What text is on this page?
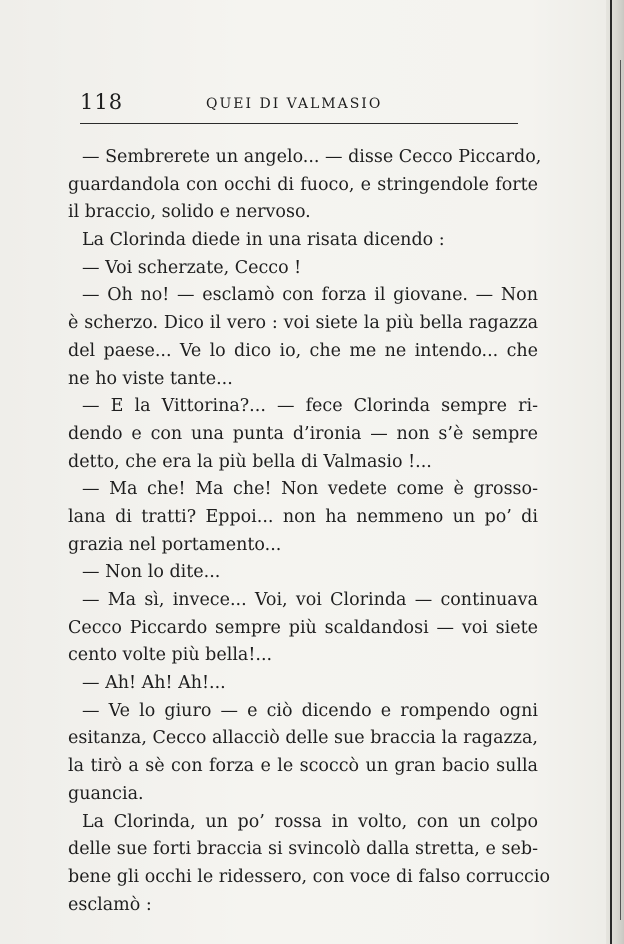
118	QUEI DI VALMASIO
— Sembrerete un angelo... — disse Cecco Piccardo,
guardandola con occhi di fuoco, e stringendole forte
il braccio, solido e nervoso.
La Clorinda diede in una risata dicendo :
— Voi scherzate, Cecco !
— Oh no! — esclamò con forza il giovane. — Non
è scherzo. Dico il vero : voi siete la più bella ragazza
del paese... Ve lo dico io, che me ne intendo... che
ne ho viste tante...
— E la Vittorina?... — fece Clorinda sempre ri-
dendo e con una punta d’ironia — non s’è sempre
detto, che era la più bella di Valmasio !...
— Ma che! Ma che! Non vedete come è grosso-
lana di tratti? Eppoi... non ha nemmeno un po’ di
grazia nel portamento...
— Non lo dite...
— Ma sì, invece... Voi, voi Clorinda — continuava
Cecco Piccardo sempre più scaldandosi — voi siete
cento volte più bella!...
— Ah! Ah! Ah!...
— Ve lo giuro — e ciò dicendo e rompendo ogni
esitanza, Cecco allacciò delle sue braccia la ragazza,
la tirò a sè con forza e le scoccò un gran bacio sulla
guancia.
La Clorinda, un po’ rossa in volto, con un colpo
delle sue forti braccia si svincolò dalla stretta, e seb-
bene gli occhi le ridessero, con voce di falso corruccio
esclamò :
